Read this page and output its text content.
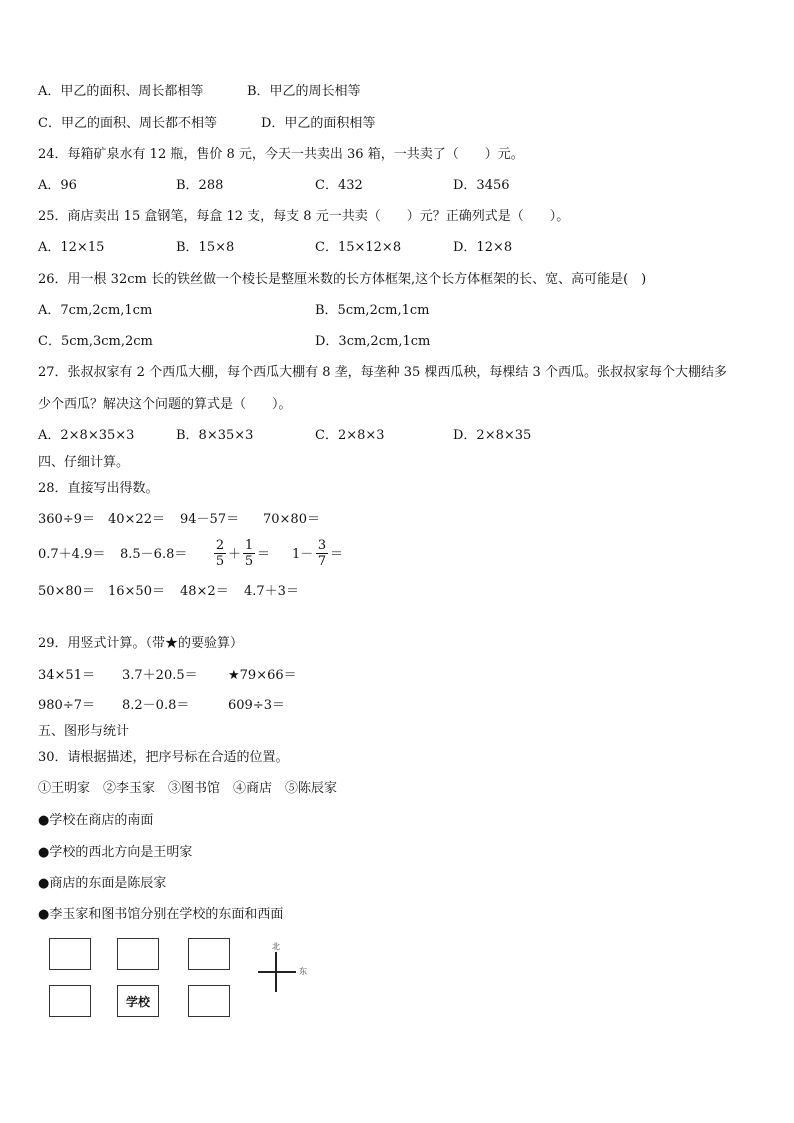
A．甲乙的面积、周长都相等	B．甲乙的周长相等
C．甲乙的面积、周长都不相等	D．甲乙的面积相等
24．每箱矿泉水有 12 瓶，售价 8 元，今天一共卖出 36 箱，一共卖了（　　）元。
A．96	B．288	C．432	D．3456
25．商店卖出 15 盒钢笔，每盒 12 支，每支 8 元一共卖（　　）元？正确列式是（　　）。
A．12×15	B．15×8	C．15×12×8	D．12×8
26．用一根 32cm 长的铁丝做一个棱长是整厘米数的长方体框架,这个长方体框架的长、宽、高可能是(　)
A．7cm,2cm,1cm	B．5cm,2cm,1cm
C．5cm,3cm,2cm	D．3cm,2cm,1cm
27．张叔叔家有 2 个西瓜大棚，每个西瓜大棚有 8 垄，每垄种 35 棵西瓜秧，每棵结 3 个西瓜。张叔叔家每个大棚结多
少个西瓜？解决这个问题的算式是（　　）。
A．2×8×35×3	B．8×35×3	C．2×8×3	D．2×8×35
四、仔细计算。
28．直接写出得数。
360÷9＝ 40×22＝ 94－57＝ 70×80＝
$0.7+4.9= 8.5-6.8= \frac{2}{5} + \frac{1}{5} = 1- \frac{3}{7}$ ＝
50×80＝ 16×50＝ 48×2＝ 4.7＋3＝
29．用竖式计算。（带★的要验算）
34×51＝ 3.7＋20.5＝ ★79×66＝
980÷7＝ 8.2－0.8＝	609÷3＝
五、图形与统计
30．请根据描述，把序号标在合适的位置。
①王明家　②李玉家　③图书馆　④商店　⑤陈辰家
●学校在商店的南面
●学校的西北方向是王明家
●商店的东面是陈辰家
●李玉家和图书馆分别在学校的东面和西面
学校
北
东
